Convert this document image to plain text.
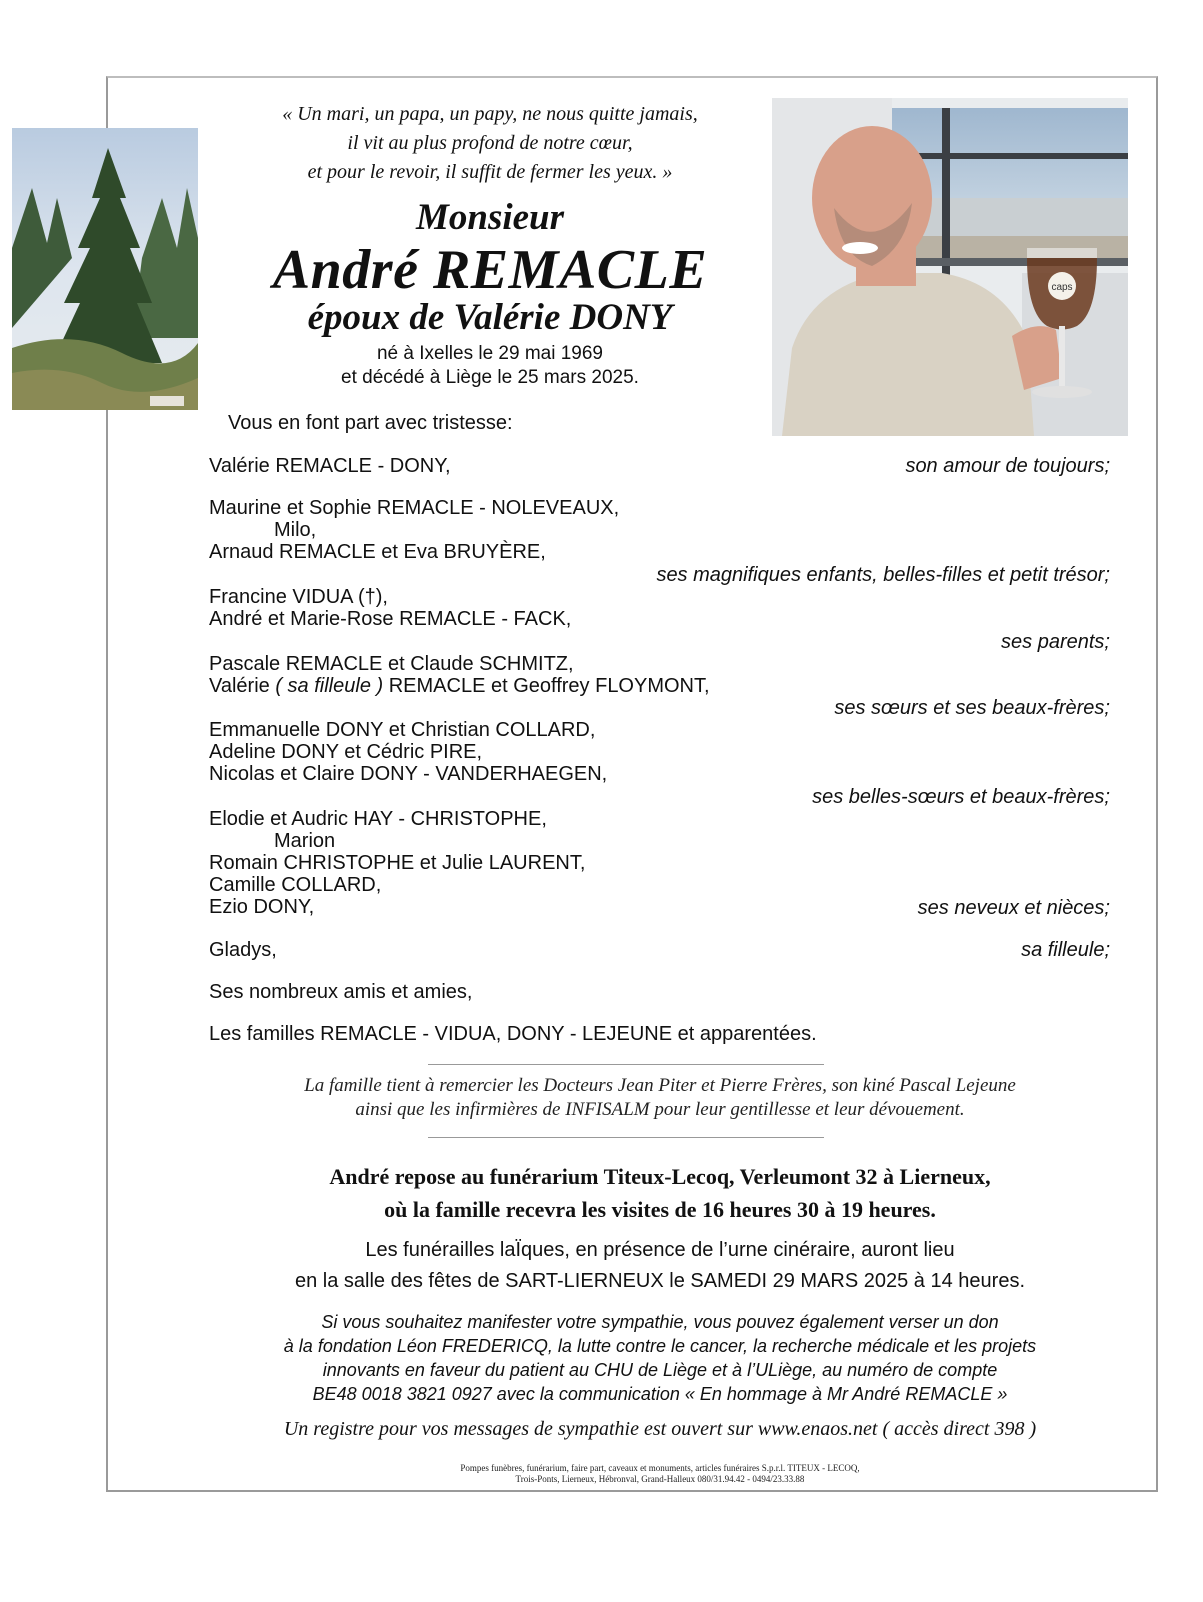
caps
« Un mari, un papa, un papy, ne nous quitte jamais,
il vit au plus profond de notre cœur,
et pour le revoir, il suffit de fermer les yeux. »
Monsieur
André REMACLE
époux de Valérie DONY
né à Ixelles le 29 mai 1969
et décédé à Liège le 25 mars 2025.
Vous en font part avec tristesse:
Valérie REMACLE - DONY,	son amour de toujours;
Maurine et Sophie REMACLE - NOLEVEAUX,
Milo,
Arnaud REMACLE et Eva BRUYÈRE,
ses magnifiques enfants, belles-filles et petit trésor;
Francine VIDUA (†),
André et Marie-Rose REMACLE - FACK,
ses parents;
Pascale REMACLE et Claude SCHMITZ,
Valérie ( sa filleule ) REMACLE et Geoffrey FLOYMONT,
ses sœurs et ses beaux-frères;
Emmanuelle DONY et Christian COLLARD,
Adeline DONY et Cédric PIRE,
Nicolas et Claire DONY - VANDERHAEGEN,
ses belles-sœurs et beaux-frères;
Elodie et Audric HAY - CHRISTOPHE,
Marion
Romain CHRISTOPHE et Julie LAURENT,
Camille COLLARD,
Ezio DONY,	ses neveux et nièces;
Gladys,	sa filleule;
Ses nombreux amis et amies,
Les familles REMACLE - VIDUA, DONY - LEJEUNE et apparentées.
La famille tient à remercier les Docteurs Jean Piter et Pierre Frères, son kiné Pascal Lejeune
ainsi que les infirmières de INFISALM pour leur gentillesse et leur dévouement.
André repose au funérarium Titeux-Lecoq, Verleumont 32 à Lierneux,
où la famille recevra les visites de 16 heures 30 à 19 heures.
Les funérailles laÏques, en présence de l’urne cinéraire, auront lieu
en la salle des fêtes de SART-LIERNEUX le SAMEDI 29 MARS 2025 à 14 heures.
Si vous souhaitez manifester votre sympathie, vous pouvez également verser un don
à la fondation Léon FREDERICQ, la lutte contre le cancer, la recherche médicale et les projets
innovants en faveur du patient au CHU de Liège et à l’ULiège, au numéro de compte
BE48 0018 3821 0927 avec la communication « En hommage à Mr André REMACLE »
Un registre pour vos messages de sympathie est ouvert sur www.enaos.net ( accès direct 398 )
Pompes funèbres, funérarium, faire part, caveaux et monuments, articles funéraires S.p.r.l. TITEUX - LECOQ,
Trois-Ponts, Lierneux, Hébronval, Grand-Halleux 080/31.94.42 - 0494/23.33.88
